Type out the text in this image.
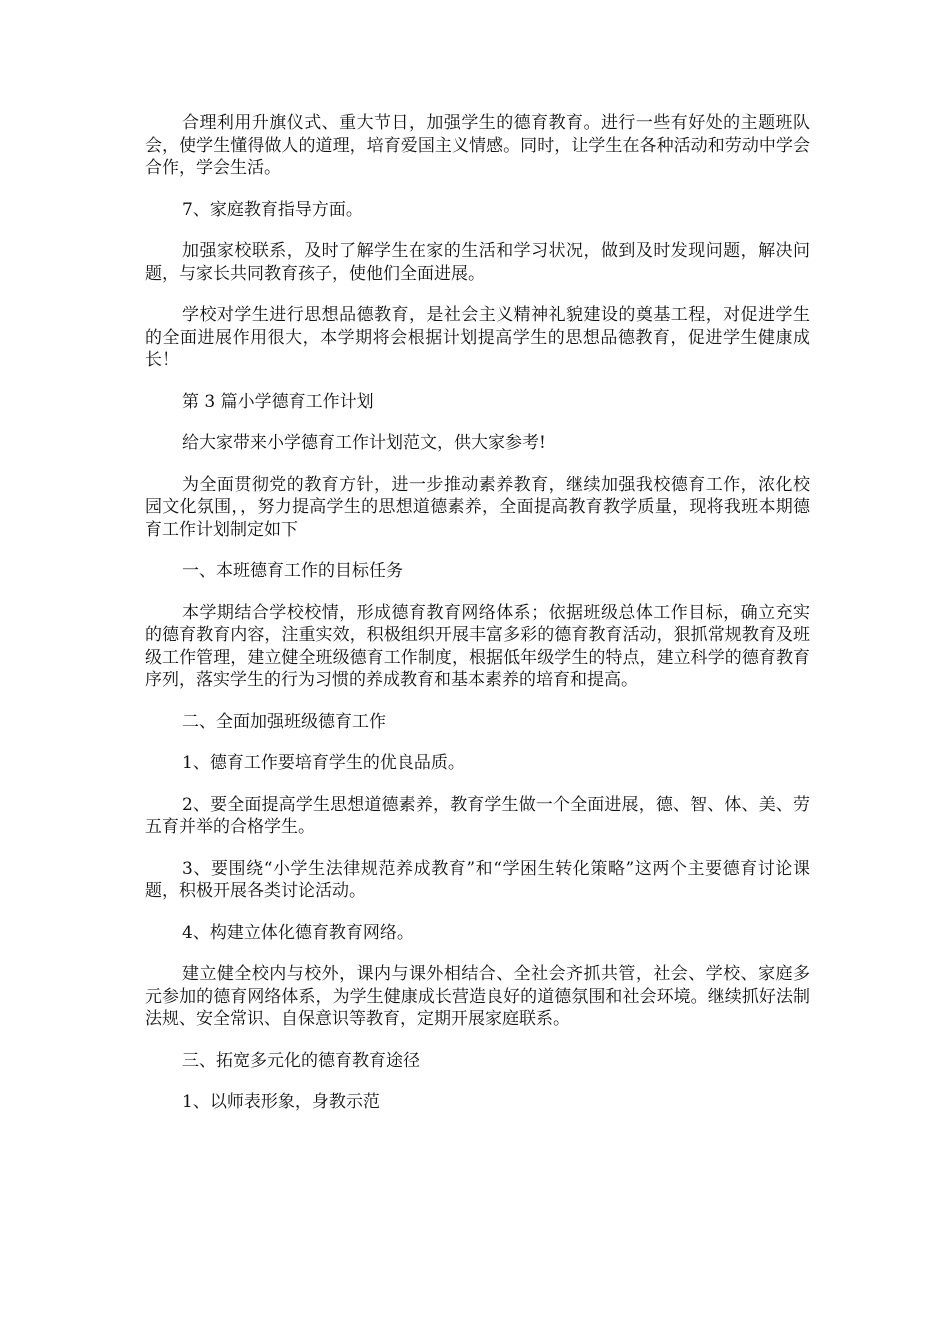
合理利用升旗仪式、重大节日，加强学生的德育教育。进行一些有好处的主题班队会，使学生懂得做人的道理，培育爱国主义情感。同时，让学生在各种活动和劳动中学会合作，学会生活。

7、家庭教育指导方面。

加强家校联系，及时了解学生在家的生活和学习状况，做到及时发现问题，解决问题，与家长共同教育孩子，使他们全面进展。

学校对学生进行思想品德教育，是社会主义精神礼貌建设的奠基工程，对促进学生的全面进展作用很大，本学期将会根据计划提高学生的思想品德教育，促进学生健康成长！

第 3 篇小学德育工作计划

给大家带来小学德育工作计划范文，供大家参考!

为全面贯彻党的教育方针，进一步推动素养教育，继续加强我校德育工作，浓化校园文化氛围，，努力提高学生的思想道德素养，全面提高教育教学质量，现将我班本期德育工作计划制定如下

一、本班德育工作的目标任务

本学期结合学校校情，形成德育教育网络体系；依据班级总体工作目标，确立充实的德育教育内容，注重实效，积极组织开展丰富多彩的德育教育活动，狠抓常规教育及班级工作管理，建立健全班级德育工作制度，根据低年级学生的特点，建立科学的德育教育序列，落实学生的行为习惯的养成教育和基本素养的培育和提高。

二、全面加强班级德育工作

1、德育工作要培育学生的优良品质。

2、要全面提高学生思想道德素养，教育学生做一个全面进展，德、智、体、美、劳五育并举的合格学生。

3、要围绕“小学生法律规范养成教育”和“学困生转化策略”这两个主要德育讨论课题，积极开展各类讨论活动。

4、构建立体化德育教育网络。

建立健全校内与校外，课内与课外相结合、全社会齐抓共管，社会、学校、家庭多元参加的德育网络体系，为学生健康成长营造良好的道德氛围和社会环境。继续抓好法制法规、安全常识、自保意识等教育，定期开展家庭联系。

三、拓宽多元化的德育教育途径

1、以师表形象，身教示范
